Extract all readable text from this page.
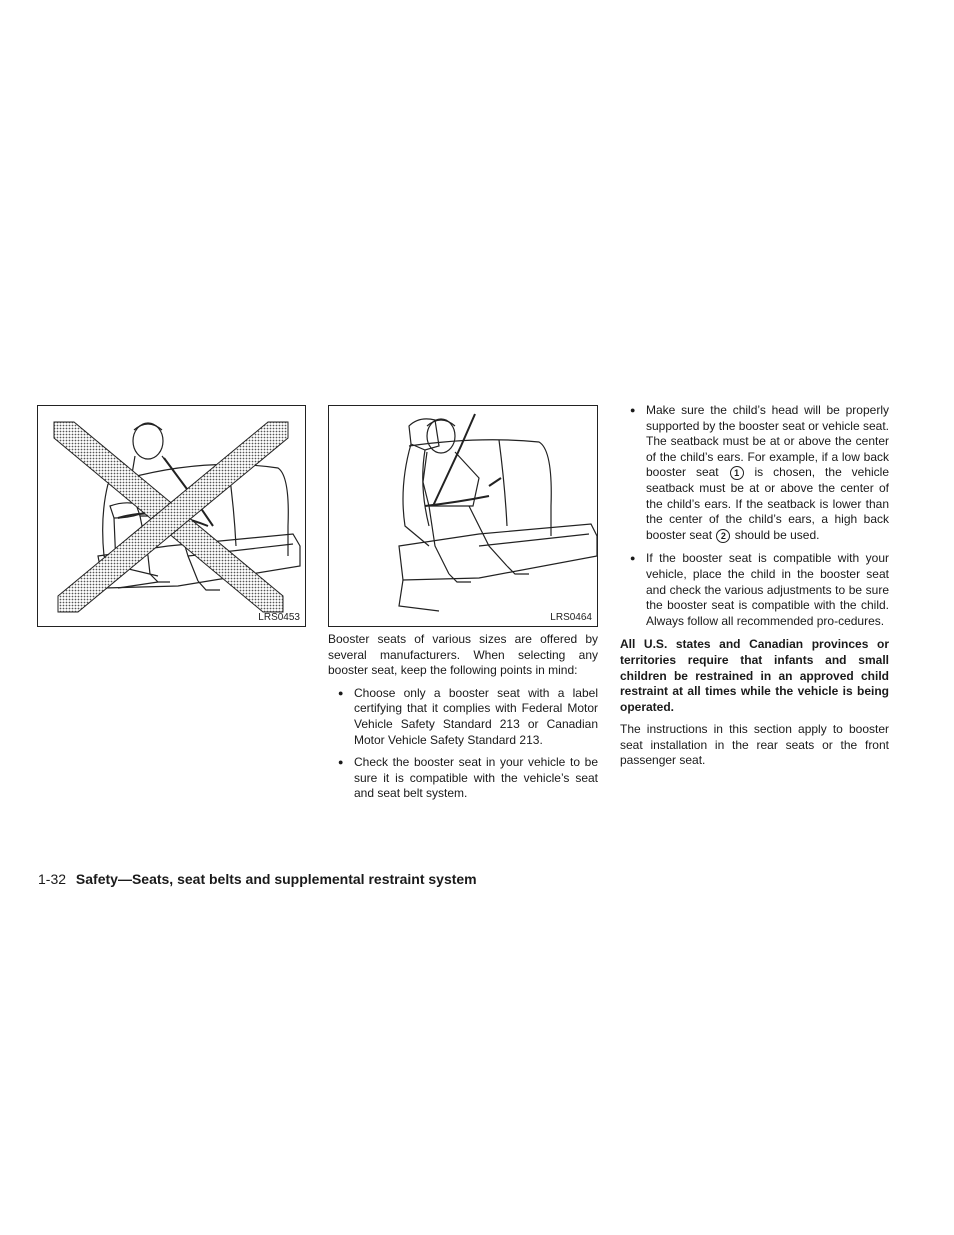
LRS0453	LRS0464

Booster seats of various sizes are offered by several manufacturers. When selecting any booster seat, keep the following points in mind:

● Choose only a booster seat with a label certifying that it complies with Federal Motor Vehicle Safety Standard 213 or Canadian Motor Vehicle Safety Standard 213.
● Check the booster seat in your vehicle to be sure it is compatible with the vehicle’s seat and seat belt system.
● Make sure the child’s head will be properly supported by the booster seat or vehicle seat. The seatback must be at or above the center of the child’s ears. For example, if a low back booster seat 1 is chosen, the vehicle seatback must be at or above the center of the child’s ears. If the seatback is lower than the center of the child’s ears, a high back booster seat 2 should be used.
● If the booster seat is compatible with your vehicle, place the child in the booster seat and check the various adjustments to be sure the booster seat is compatible with the child. Always follow all recommended pro-cedures.

All U.S. states and Canadian provinces or territories require that infants and small children be restrained in an approved child restraint at all times while the vehicle is being operated.

The instructions in this section apply to booster seat installation in the rear seats or the front passenger seat.

1-32 Safety—Seats, seat belts and supplemental restraint system
